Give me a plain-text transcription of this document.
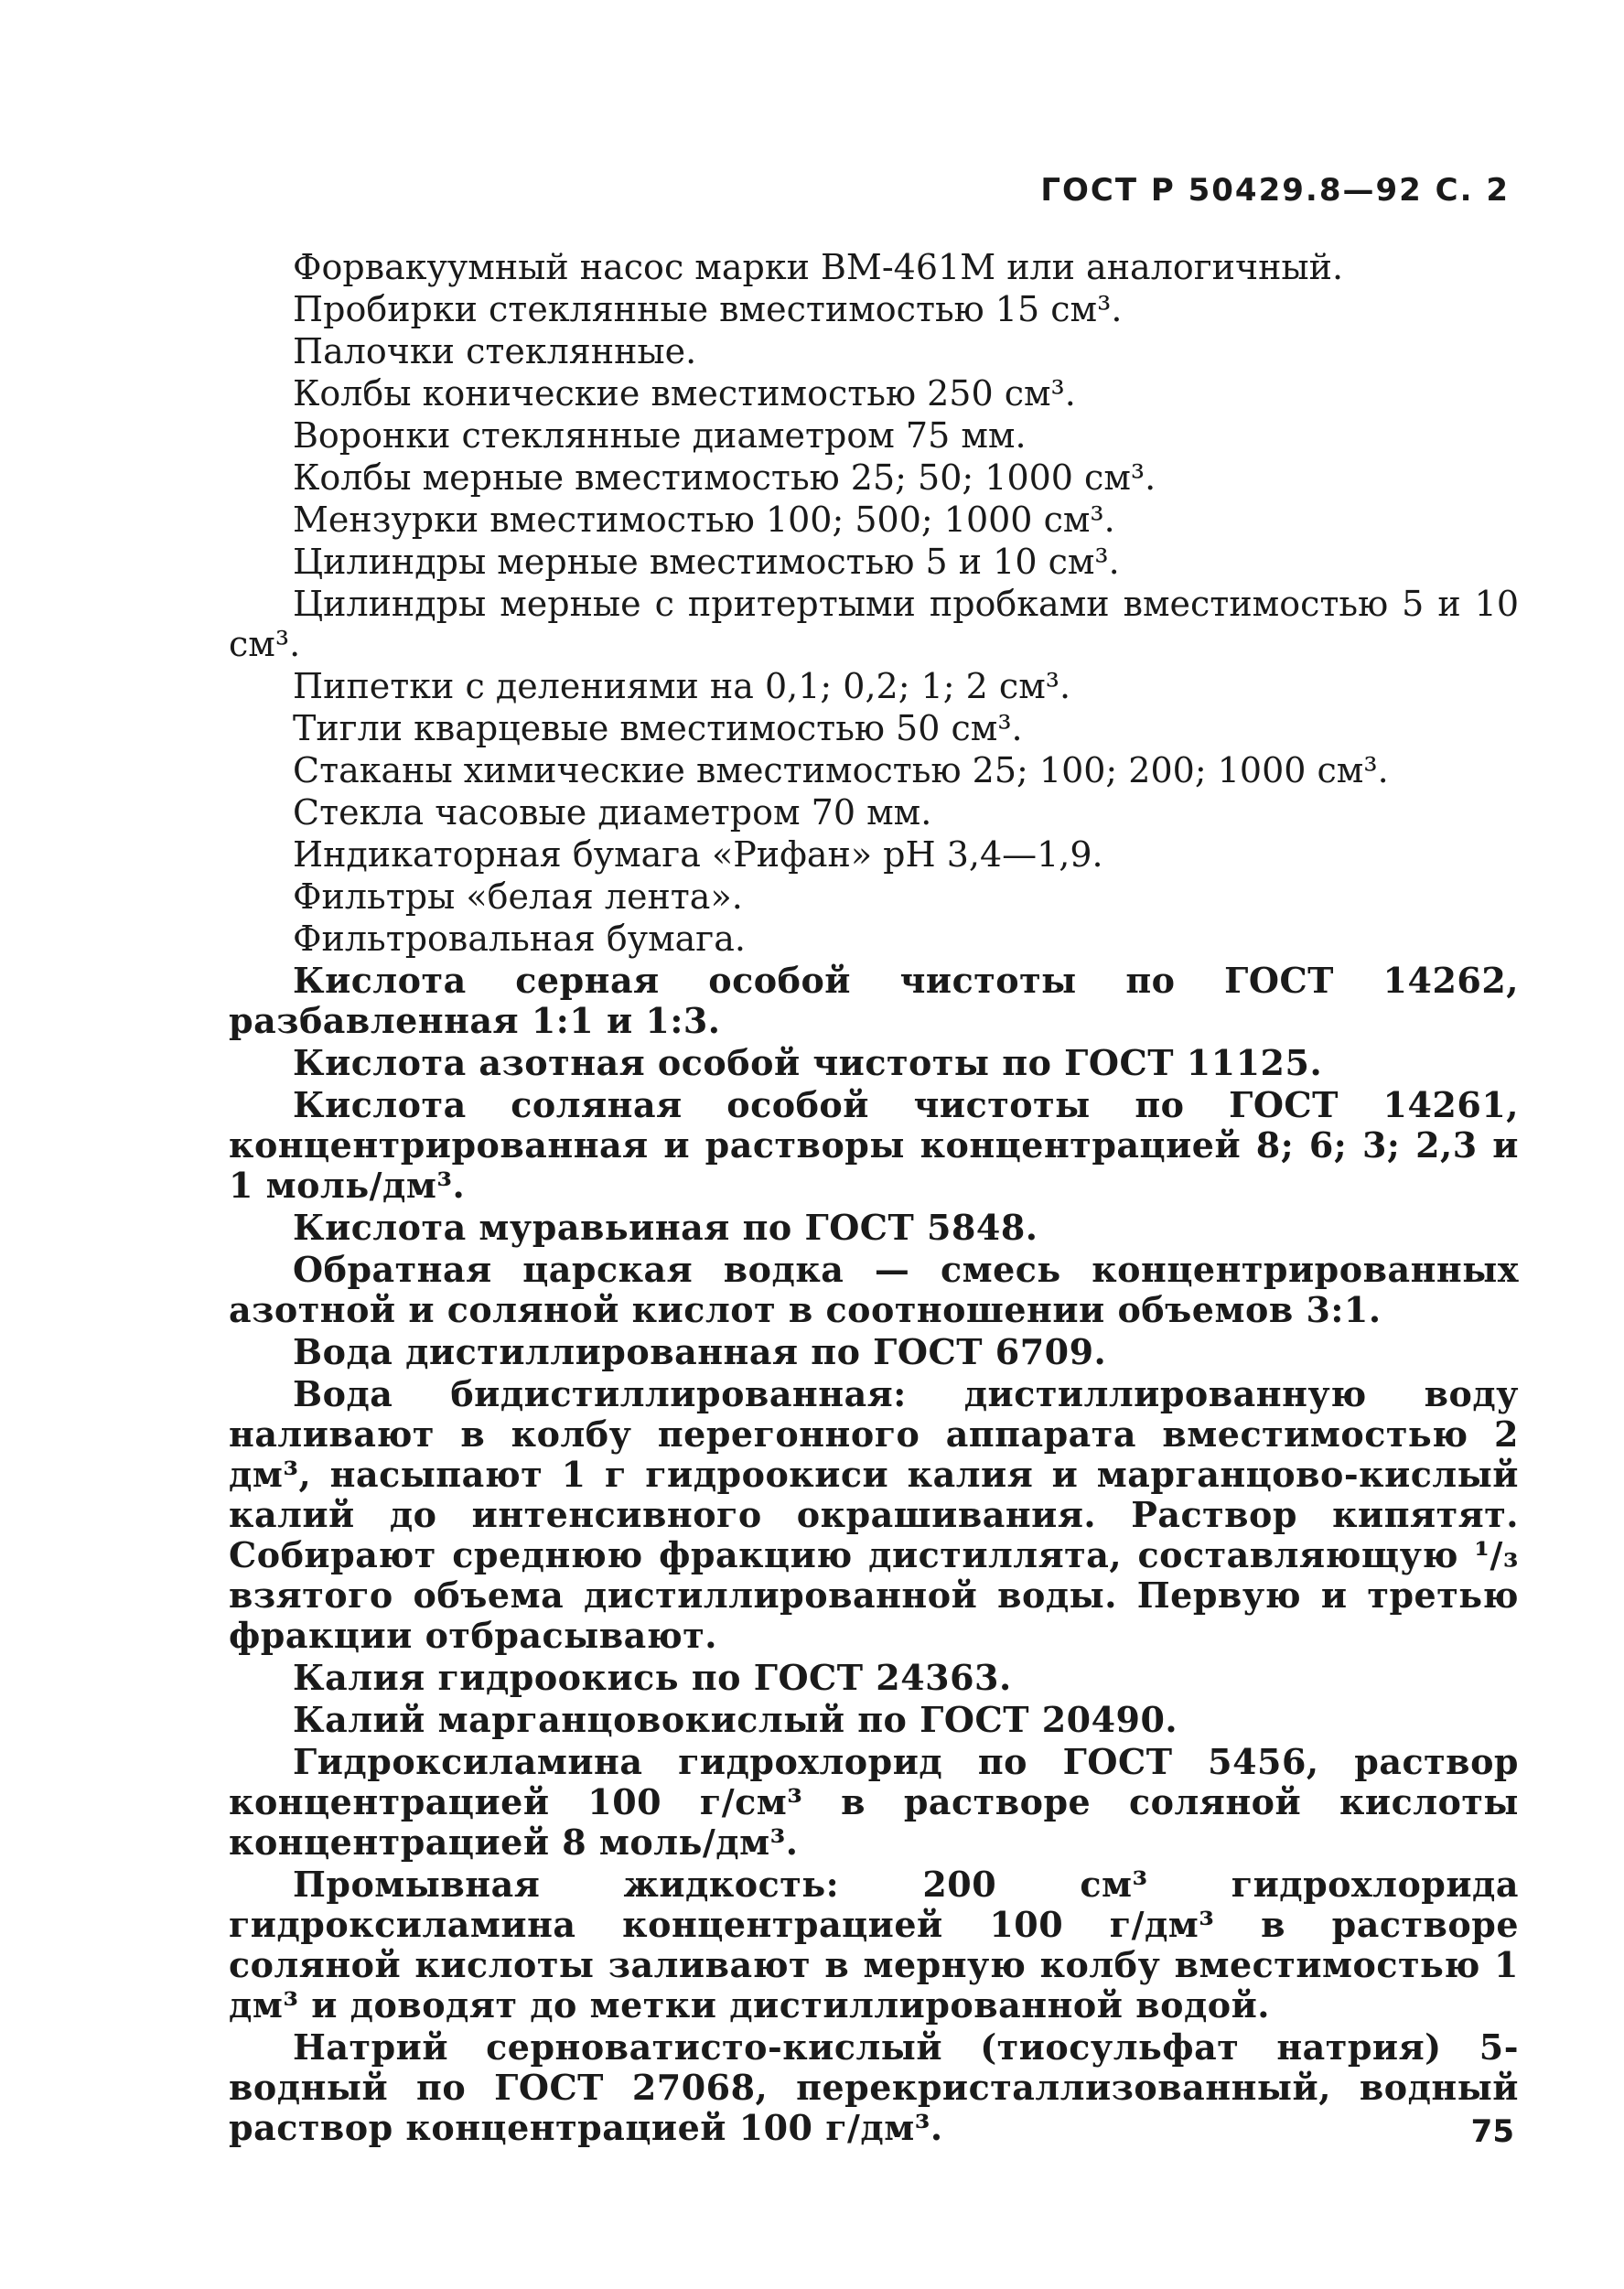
ГОСТ Р 50429.8—92 С. 2

Форвакуумный насос марки ВМ-461М или аналогичный.

Пробирки стеклянные вместимостью 15 см³.

Палочки стеклянные.

Колбы конические вместимостью 250 см³.

Воронки стеклянные диаметром 75 мм.

Колбы мерные вместимостью 25; 50; 1000 см³.

Мензурки вместимостью 100; 500; 1000 см³.

Цилиндры мерные вместимостью 5 и 10 см³.

Цилиндры мерные с притертыми пробками вместимостью 5 и 10 см³.

Пипетки с делениями на 0,1; 0,2; 1; 2 см³.

Тигли кварцевые вместимостью 50 см³.

Стаканы химические вместимостью 25; 100; 200; 1000 см³.

Стекла часовые диаметром 70 мм.

Индикаторная бумага «Рифан» рН 3,4—1,9.

Фильтры «белая лента».

Фильтровальная бумага.

Кислота серная особой чистоты по ГОСТ 14262, разбавленная 1:1 и 1:3.

Кислота азотная особой чистоты по ГОСТ 11125.

Кислота соляная особой чистоты по ГОСТ 14261, концентрированная и растворы концентрацией 8; 6; 3; 2,3 и 1 моль/дм³.

Кислота муравьиная по ГОСТ 5848.

Обратная царская водка — смесь концентрированных азотной и соляной кислот в соотношении объемов 3:1.

Вода дистиллированная по ГОСТ 6709.

Вода бидистиллированная: дистиллированную воду наливают в колбу перегонного аппарата вместимостью 2 дм³, насыпают 1 г гидроокиси калия и марганцово-кислый калий до интенсивного окрашивания. Раствор кипятят. Собирают среднюю фракцию дистиллята, составляющую ¹/₃ взятого объема дистиллированной воды. Первую и третью фракции отбрасывают.

Калия гидроокись по ГОСТ 24363.

Калий марганцовокислый по ГОСТ 20490.

Гидроксиламина гидрохлорид по ГОСТ 5456, раствор концентрацией 100 г/см³ в растворе соляной кислоты концентрацией 8 моль/дм³.

Промывная жидкость: 200 см³ гидрохлорида гидроксиламина концентрацией 100 г/дм³ в растворе соляной кислоты заливают в мерную колбу вместимостью 1 дм³ и доводят до метки дистиллированной водой.

Натрий серноватисто-кислый (тиосульфат натрия) 5-водный по ГОСТ 27068, перекристаллизованный, водный раствор концентрацией 100 г/дм³.	75
